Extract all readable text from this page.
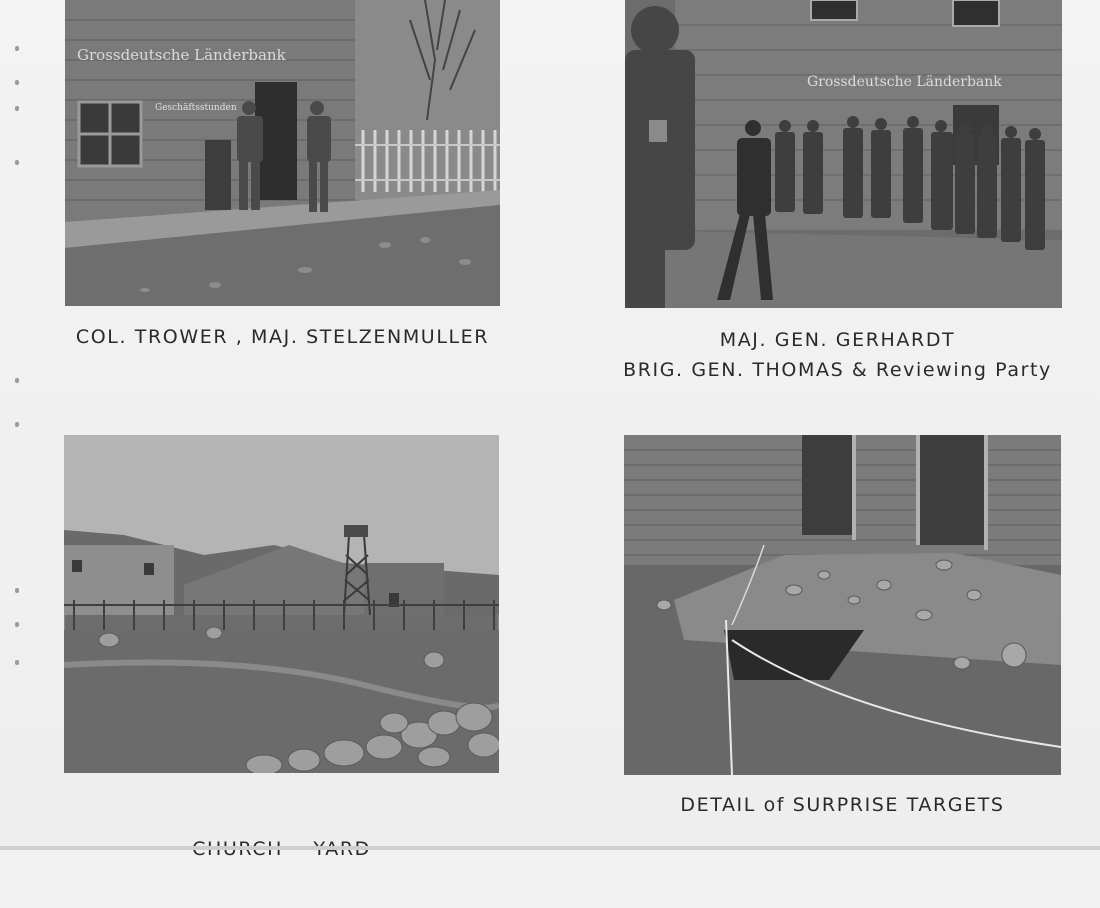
Grossdeutsche Länderbank
Geschäftsstunden
COL. TROWER , MAJ. STELZENMULLER
Grossdeutsche Länderbank
MAJ. GEN. GERHARDT
BRIG. GEN. THOMAS & Reviewing Party

DETAIL of SURPRISE TARGETS
